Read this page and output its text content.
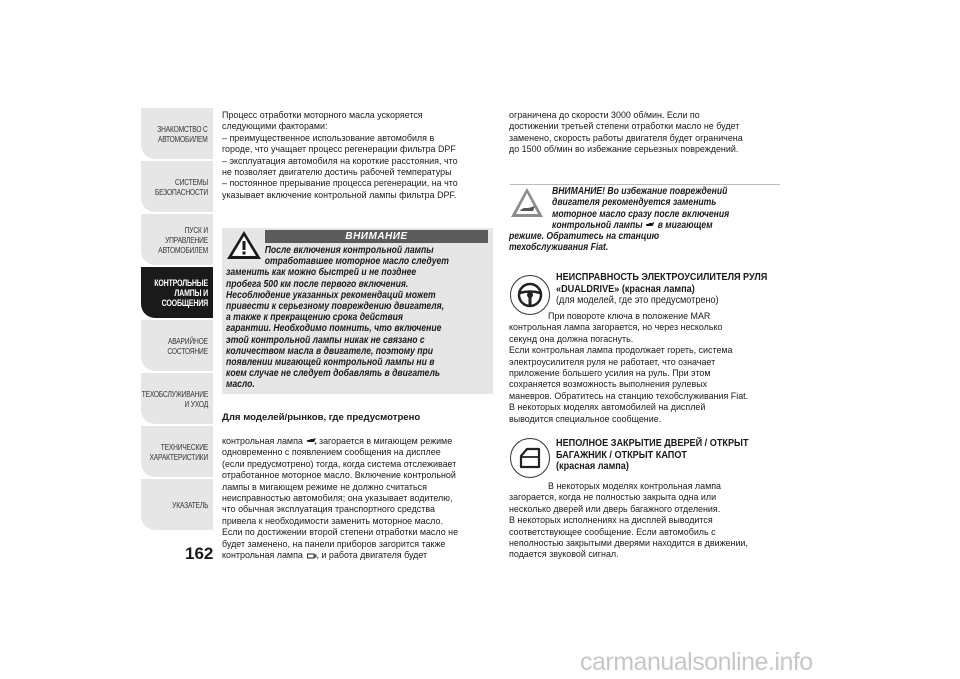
ЗНАКОМСТВО С
АВТОМОБИЛЕМ
СИСТЕМЫ
БЕЗОПАСНОСТИ
ПУСК И УПРАВЛЕНИЕ
АВТОМОБИЛЕМ
КОНТРОЛЬНЫЕ
ЛАМПЫ И
СООБЩЕНИЯ
АВАРИЙНОЕ
СОСТОЯНИЕ
ТЕХОБСЛУЖИВАНИЕ
И УХОД
ТЕХНИЧЕСКИЕ
ХАРАКТЕРИСТИКИ
УКАЗАТЕЛЬ
162

Процесс отработки моторного масла ускоряется

следующими факторами:

– преимущественное использование автомобиля в

городе, что учащает процесс регенерации фильтра DPF

– эксплуатация автомобиля на короткие расстояния, что

не позволяет двигателю достичь рабочей температуры

– постоянное прерывание процесса регенерации, на что

указывает включение контрольной лампы фильтра DPF.

ВНИМАНИЕ
После включения контрольной лампы
отработавшее моторное масло следует
заменить как можно быстрей и не позднее
пробега 500 км после первого включения.
Несоблюдение указанных рекомендаций может
привести к серьезному повреждению двигателя,
а также к прекращению срока действия
гарантии. Необходимо помнить, что включение
этой контрольной лампы никак не связано с
количеством масла в двигателе, поэтому при
появлении мигающей контрольной лампы ни в
коем случае не следует добавлять в двигатель
масло.
Для моделей/рынков, где предусмотрено

контрольная лампа загорается в мигающем режиме

одновременно с появлением сообщения на дисплее

(если предусмотрено) тогда, когда система отслеживает

отработанное моторное масло. Включение контрольной

лампы в мигающем режиме не должно считаться

неисправностью автомобиля; она указывает водителю,

что обычная эксплуатация транспортного средства

привела к необходимости заменить моторное масло.

Если по достижении второй степени отработки масло не

будет заменено, на панели приборов загорится также

контрольная лампа , и работа двигателя будет

ограничена до скорости 3000 об/мин. Если по

достижении третьей степени отработки масло не будет

заменено, скорость работы двигателя будет ограничена

до 1500 об/мин во избежание серьезных повреждений.

ВНИМАНИЕ! Во избежание повреждений
двигателя рекомендуется заменить
моторное масло сразу после включения
контрольной лампы в мигающем
режиме. Обратитесь на станцию
техобслуживания Fiat.
НЕИСПРАВНОСТЬ ЭЛЕКТРОУСИЛИТЕЛЯ РУЛЯ
«DUALDRIVE» (красная лампа)
(для моделей, где это предусмотрено)

При повороте ключа в положение MAR

контрольная лампа загорается, но через несколько

секунд она должна погаснуть.

Если контрольная лампа продолжает гореть, система

электроусилителя руля не работает, что означает

приложение большего усилия на руль. При этом

сохраняется возможность выполнения рулевых

маневров. Обратитесь на станцию техобслуживания Fiat.

В некоторых моделях автомобилей на дисплей

выводится специальное сообщение.

НЕПОЛНОЕ ЗАКРЫТИЕ ДВЕРЕЙ / ОТКРЫТ
БАГАЖНИК / ОТКРЫТ КАПОТ
(красная лампа)

В некоторых моделях контрольная лампа

загорается, когда не полностью закрыта одна или

несколько дверей или дверь багажного отделения.

В некоторых исполнениях на дисплей выводится

соответствующее сообщение. Если автомобиль с

неполностью закрытыми дверями находится в движении,

подается звуковой сигнал.

carmanualsonline.info
